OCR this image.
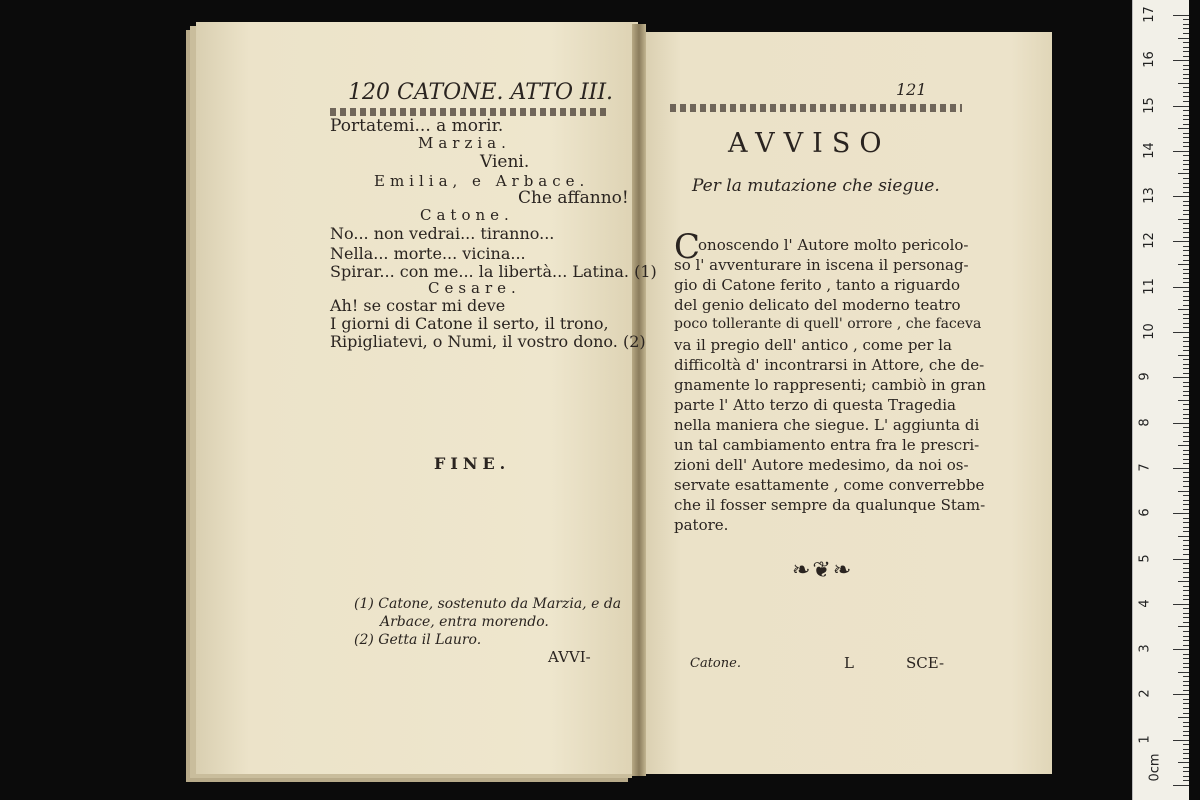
120 CATONE. ATTO III.
Portatemi... a morir.
Marzia.
Vieni.
Emilia, e Arbace.
Che affanno!
Catone.
No... non vedrai... tiranno...
Nella... morte... vicina...
Spirar... con me... la libertà... Latina. (1)
Cesare.
Ah! se costar mi deve
I giorni di Catone il serto, il trono,
Ripigliatevi, o Numi, il vostro dono. (2)
FINE.
(1) Catone, sostenuto da Marzia, e da
Arbace, entra morendo.
(2) Getta il Lauro.
AVVI-
121
AVVISO
Per la mutazione che siegue.
C
onoscendo l' Autore molto pericolo-
so l' avventurare in iscena il personag-
gio di Catone ferito , tanto a riguardo
del genio delicato del moderno teatro
poco tollerante di quell' orrore , che faceva
va il pregio dell' antico , come per la
difficoltà d' incontrarsi in Attore, che de-
gnamente lo rappresenti; cambiò in gran
parte l' Atto terzo di questa Tragedia
nella maniera che siegue. L' aggiunta di
un tal cambiamento entra fra le prescri-
zioni dell' Autore medesimo, da noi os-
servate esattamente , come converrebbe
che il fosser sempre da qualunque Stam-
patore.
❧❦❧
Catone.	L	SCE-
0cm
1
2
3
4
5
6
7
8
9
10
11
12
13
14
15
16
17
